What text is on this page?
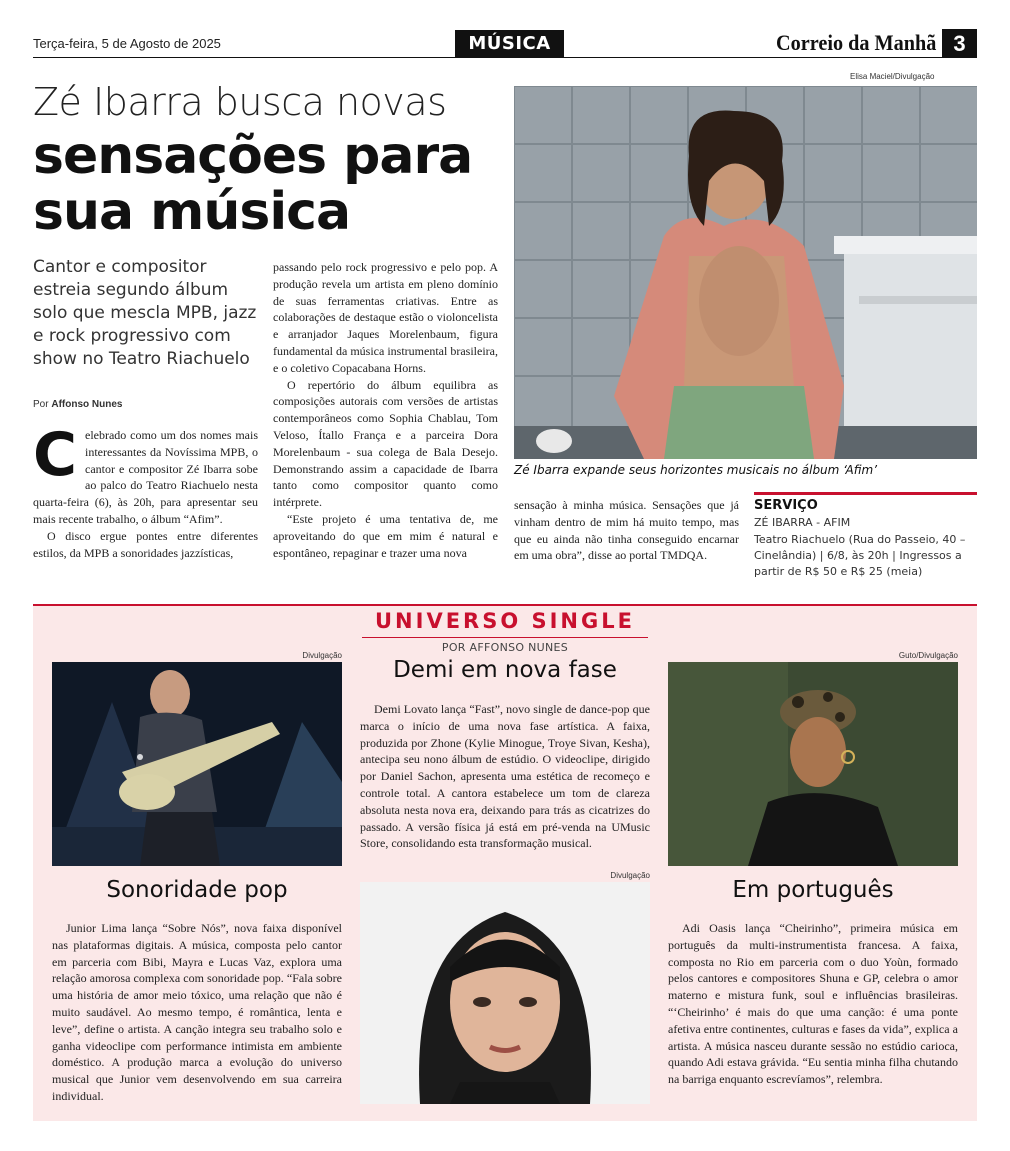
Terça-feira, 5 de Agosto de 2025	MÚSICA	Correio da Manhã 3
Zé Ibarra busca novas
sensações para
sua música
Cantor e compositor estreia segundo álbum solo que mescla MPB, jazz e rock progressivo com show no Teatro Riachuelo
Por Affonso Nunes

Celebrado como um dos nomes mais interessantes da Novíssima MPB, o cantor e compositor Zé Ibarra sobe ao palco do Teatro Riachuelo nesta quarta-feira (6), às 20h, para apresentar seu mais recente trabalho, o álbum “Afim”.

O disco ergue pontes entre diferentes estilos, da MPB a sonoridades jazzísticas,

passando pelo rock progressivo e pelo pop. A produção revela um artista em pleno domínio de suas ferramentas criativas. Entre as colaborações de destaque estão o violoncelista e arranjador Jaques Morelenbaum, figura fundamental da música instrumental brasileira, e o coletivo Copacabana Horns.

O repertório do álbum equilibra as composições autorais com versões de artistas contemporâneos como Sophia Chablau, Tom Veloso, Ítallo França e a parceira Dora Morelenbaum - sua colega de Bala Desejo. Demonstrando assim a capacidade de Ibarra tanto como compositor quanto como intérprete.

“Este projeto é uma tentativa de, me aproveitando do que em mim é natural e espontâneo, repaginar e trazer uma nova

sensação à minha música. Sensações que já vinham dentro de mim há muito tempo, mas que eu ainda não tinha conseguido encarnar em uma obra”, disse ao portal TMDQA.

Elisa Maciel/Divulgação
Zé Ibarra expande seus horizontes musicais no álbum ‘Afim’
SERVIÇO
ZÉ IBARRA - AFIM
Teatro Riachuelo (Rua do Passeio, 40 – Cinelândia) | 6/8, às 20h | Ingressos a partir de R$ 50 e R$ 25 (meia)
UNIVERSO SINGLE
POR AFFONSO NUNES
Divulgação
Sonoridade pop

Junior Lima lança “Sobre Nós”, nova faixa disponível nas plataformas digitais. A música, composta pelo cantor em parceria com Bibi, Mayra e Lucas Vaz, explora uma relação amorosa complexa com sonoridade pop. “Fala sobre uma história de amor meio tóxico, uma relação que não é muito saudável. Ao mesmo tempo, é romântica, lenta e leve”, define o artista. A canção integra seu trabalho solo e ganha videoclipe com performance intimista em ambiente doméstico. A produção marca a evolução do universo musical que Junior vem desenvolvendo em sua carreira individual.

Demi em nova fase

Demi Lovato lança “Fast”, novo single de dance-pop que marca o início de uma nova fase artística. A faixa, produzida por Zhone (Kylie Minogue, Troye Sivan, Kesha), antecipa seu nono álbum de estúdio. O videoclipe, dirigido por Daniel Sachon, apresenta uma estética de recomeço e controle total. A cantora estabelece um tom de clareza absoluta nesta nova era, deixando para trás as cicatrizes do passado. A versão física já está em pré-venda na UMusic Store, consolidando esta transformação musical.

Divulgação
Guto/Divulgação
Em português

Adi Oasis lança “Cheirinho”, primeira música em português da multi-instrumentista francesa. A faixa, composta no Rio em parceria com o duo Yoùn, formado pelos cantores e compositores Shuna e GP, celebra o amor materno e mistura funk, soul e influências brasileiras. “‘Cheirinho’ é mais do que uma canção: é uma ponte afetiva entre continentes, culturas e fases da vida”, explica a artista. A música nasceu durante sessão no estúdio carioca, quando Adi estava grávida. “Eu sentia minha filha chutando na barriga enquanto escrevíamos”, relembra.
